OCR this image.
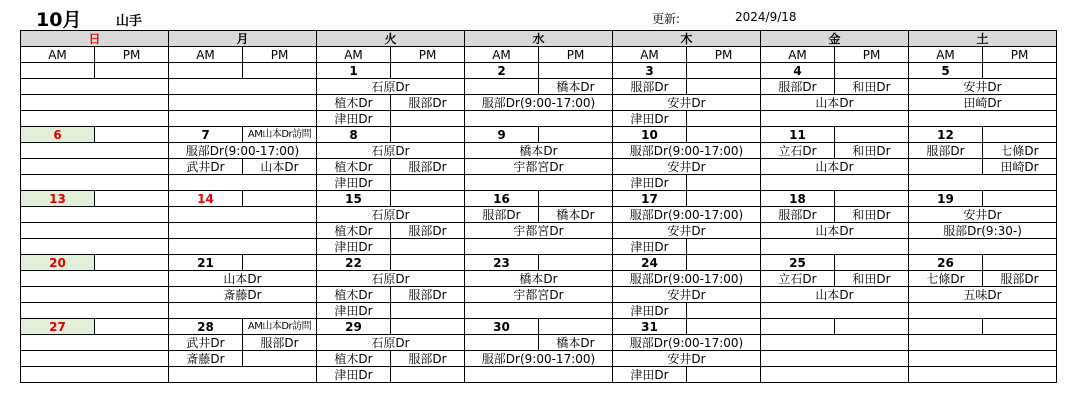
10月	山手	更新:	2024/9/18
日		月		火		水		木		金		土	
AM	PM	AM	PM	AM	PM	AM	PM	AM	PM	AM	PM	AM	PM
				1		2		3		4		5	
				石原Dr			橋本Dr	服部Dr		服部Dr	和田Dr	安井Dr	
				植木Dr	服部Dr	服部Dr(9:00-17:00)		安井Dr		山本Dr		田崎Dr	
				津田Dr				津田Dr					
6		7	AM山本Dr訪問	8		9		10		11		12	
		服部Dr(9:00-17:00)		石原Dr		橋本Dr		服部Dr(9:00-17:00)		立石Dr	和田Dr	服部Dr	七條Dr
		武井Dr	山本Dr	植木Dr	服部Dr	宇都宮Dr		安井Dr		山本Dr			田崎Dr
				津田Dr				津田Dr					
13		14		15		16		17		18		19	
				石原Dr		服部Dr	橋本Dr	服部Dr(9:00-17:00)		服部Dr	和田Dr	安井Dr	
				植木Dr	服部Dr	宇都宮Dr		安井Dr		山本Dr		服部Dr(9:30-)	
				津田Dr				津田Dr					
20		21		22		23		24		25		26	
		山本Dr		石原Dr		橋本Dr		服部Dr(9:00-17:00)		立石Dr	和田Dr	七條Dr	服部Dr
		斎藤Dr		植木Dr	服部Dr	宇都宮Dr		安井Dr		山本Dr		五味Dr	
				津田Dr				津田Dr					
27		28	AM山本Dr訪問	29		30		31					
		武井Dr	服部Dr	石原Dr			橋本Dr	服部Dr(9:00-17:00)					
		斎藤Dr		植木Dr	服部Dr	服部Dr(9:00-17:00)		安井Dr					
				津田Dr				津田Dr					
